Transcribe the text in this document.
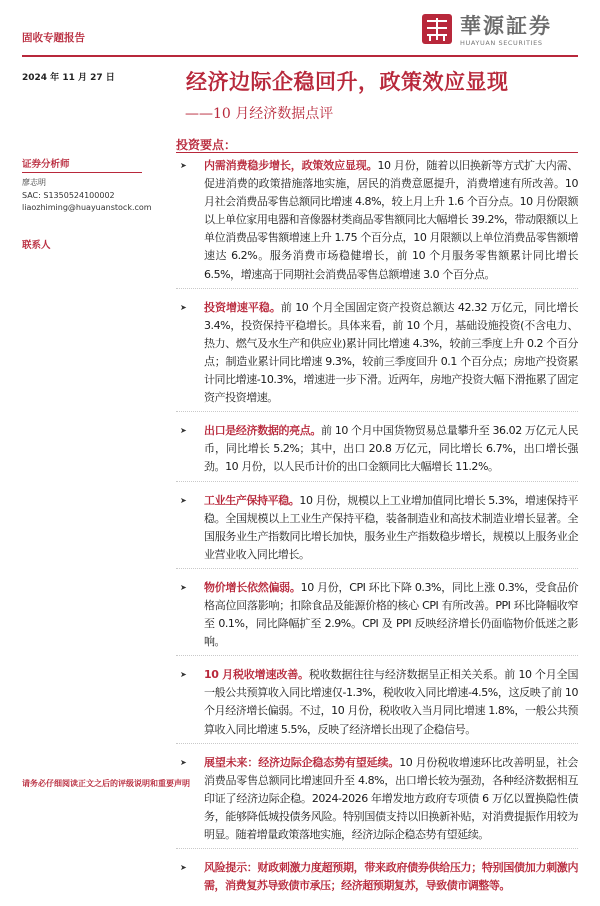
固收专题报告	華源証券
HUAYUAN SECURITIES
2024 年 11 月 27 日	经济边际企稳回升，政策效应显现
——10 月经济数据点评
投资要点：
证券分析师
廖志明
SAC: S1350524100002
liaozhiming@huayuanstock.com
联系人
➤ 内需消费稳步增长，政策效应显现。10 月份，随着以旧换新等方式扩大内需、促进消费的政策措施落地实施，居民的消费意愿提升，消费增速有所改善。10 月社会消费品零售总额同比增速 4.8%，较上月上升 1.6 个百分点。10 月份限额以上单位家用电器和音像器材类商品零售额同比大幅增长 39.2%，带动限额以上单位消费品零售额增速上升 1.75 个百分点，10 月限额以上单位消费品零售额增速达 6.2%。服务消费市场稳健增长，前 10 个月服务零售额累计同比增长 6.5%，增速高于同期社会消费品零售总额增速 3.0 个百分点。

➤ 投资增速平稳。前 10 个月全国固定资产投资总额达 42.32 万亿元，同比增长 3.4%，投资保持平稳增长。具体来看，前 10 个月，基础设施投资(不含电力、热力、燃气及水生产和供应业)累计同比增速 4.3%，较前三季度上升 0.2 个百分点；制造业累计同比增速 9.3%，较前三季度回升 0.1 个百分点；房地产投资累计同比增速-10.3%，增速进一步下滑。近两年，房地产投资大幅下滑拖累了固定资产投资增速。

➤ 出口是经济数据的亮点。前 10 个月中国货物贸易总量攀升至 36.02 万亿元人民币，同比增长 5.2%；其中，出口 20.8 万亿元，同比增长 6.7%，出口增长强劲。10 月份，以人民币计价的出口金额同比大幅增长 11.2%。

➤ 工业生产保持平稳。10 月份，规模以上工业增加值同比增长 5.3%，增速保持平稳。全国规模以上工业生产保持平稳，装备制造业和高技术制造业增长显著。全国服务业生产指数同比增长加快，服务业生产指数稳步增长，规模以上服务业企业营业收入同比增长。

➤ 物价增长依然偏弱。10 月份，CPI 环比下降 0.3%，同比上涨 0.3%，受食品价格高位回落影响；扣除食品及能源价格的核心 CPI 有所改善。PPI 环比降幅收窄至 0.1%，同比降幅扩至 2.9%。CPI 及 PPI 反映经济增长仍面临物价低迷之影响。

➤ 10 月税收增速改善。税收数据往往与经济数据呈正相关关系。前 10 个月全国一般公共预算收入同比增速仅-1.3%，税收收入同比增速-4.5%，这反映了前 10 个月经济增长偏弱。不过，10 月份，税收收入当月同比增速 1.8%，一般公共预算收入同比增速 5.5%，反映了经济增长出现了企稳信号。

➤ 展望未来：经济边际企稳态势有望延续。10 月份税收增速环比改善明显，社会消费品零售总额同比增速回升至 4.8%，出口增长较为强劲，各种经济数据相互印证了经济边际企稳。2024-2026 年增发地方政府专项债 6 万亿以置换隐性债务，能够降低城投债务风险。特别国债支持以旧换新补贴，对消费提振作用较为明显。随着增量政策落地实施，经济边际企稳态势有望延续。

➤ 风险提示：财政刺激力度超预期，带来政府债券供给压力；特别国债加力刺激内需，消费复苏导致债市承压；经济超预期复苏，导致债市调整等。

请务必仔细阅读正文之后的评级说明和重要声明
